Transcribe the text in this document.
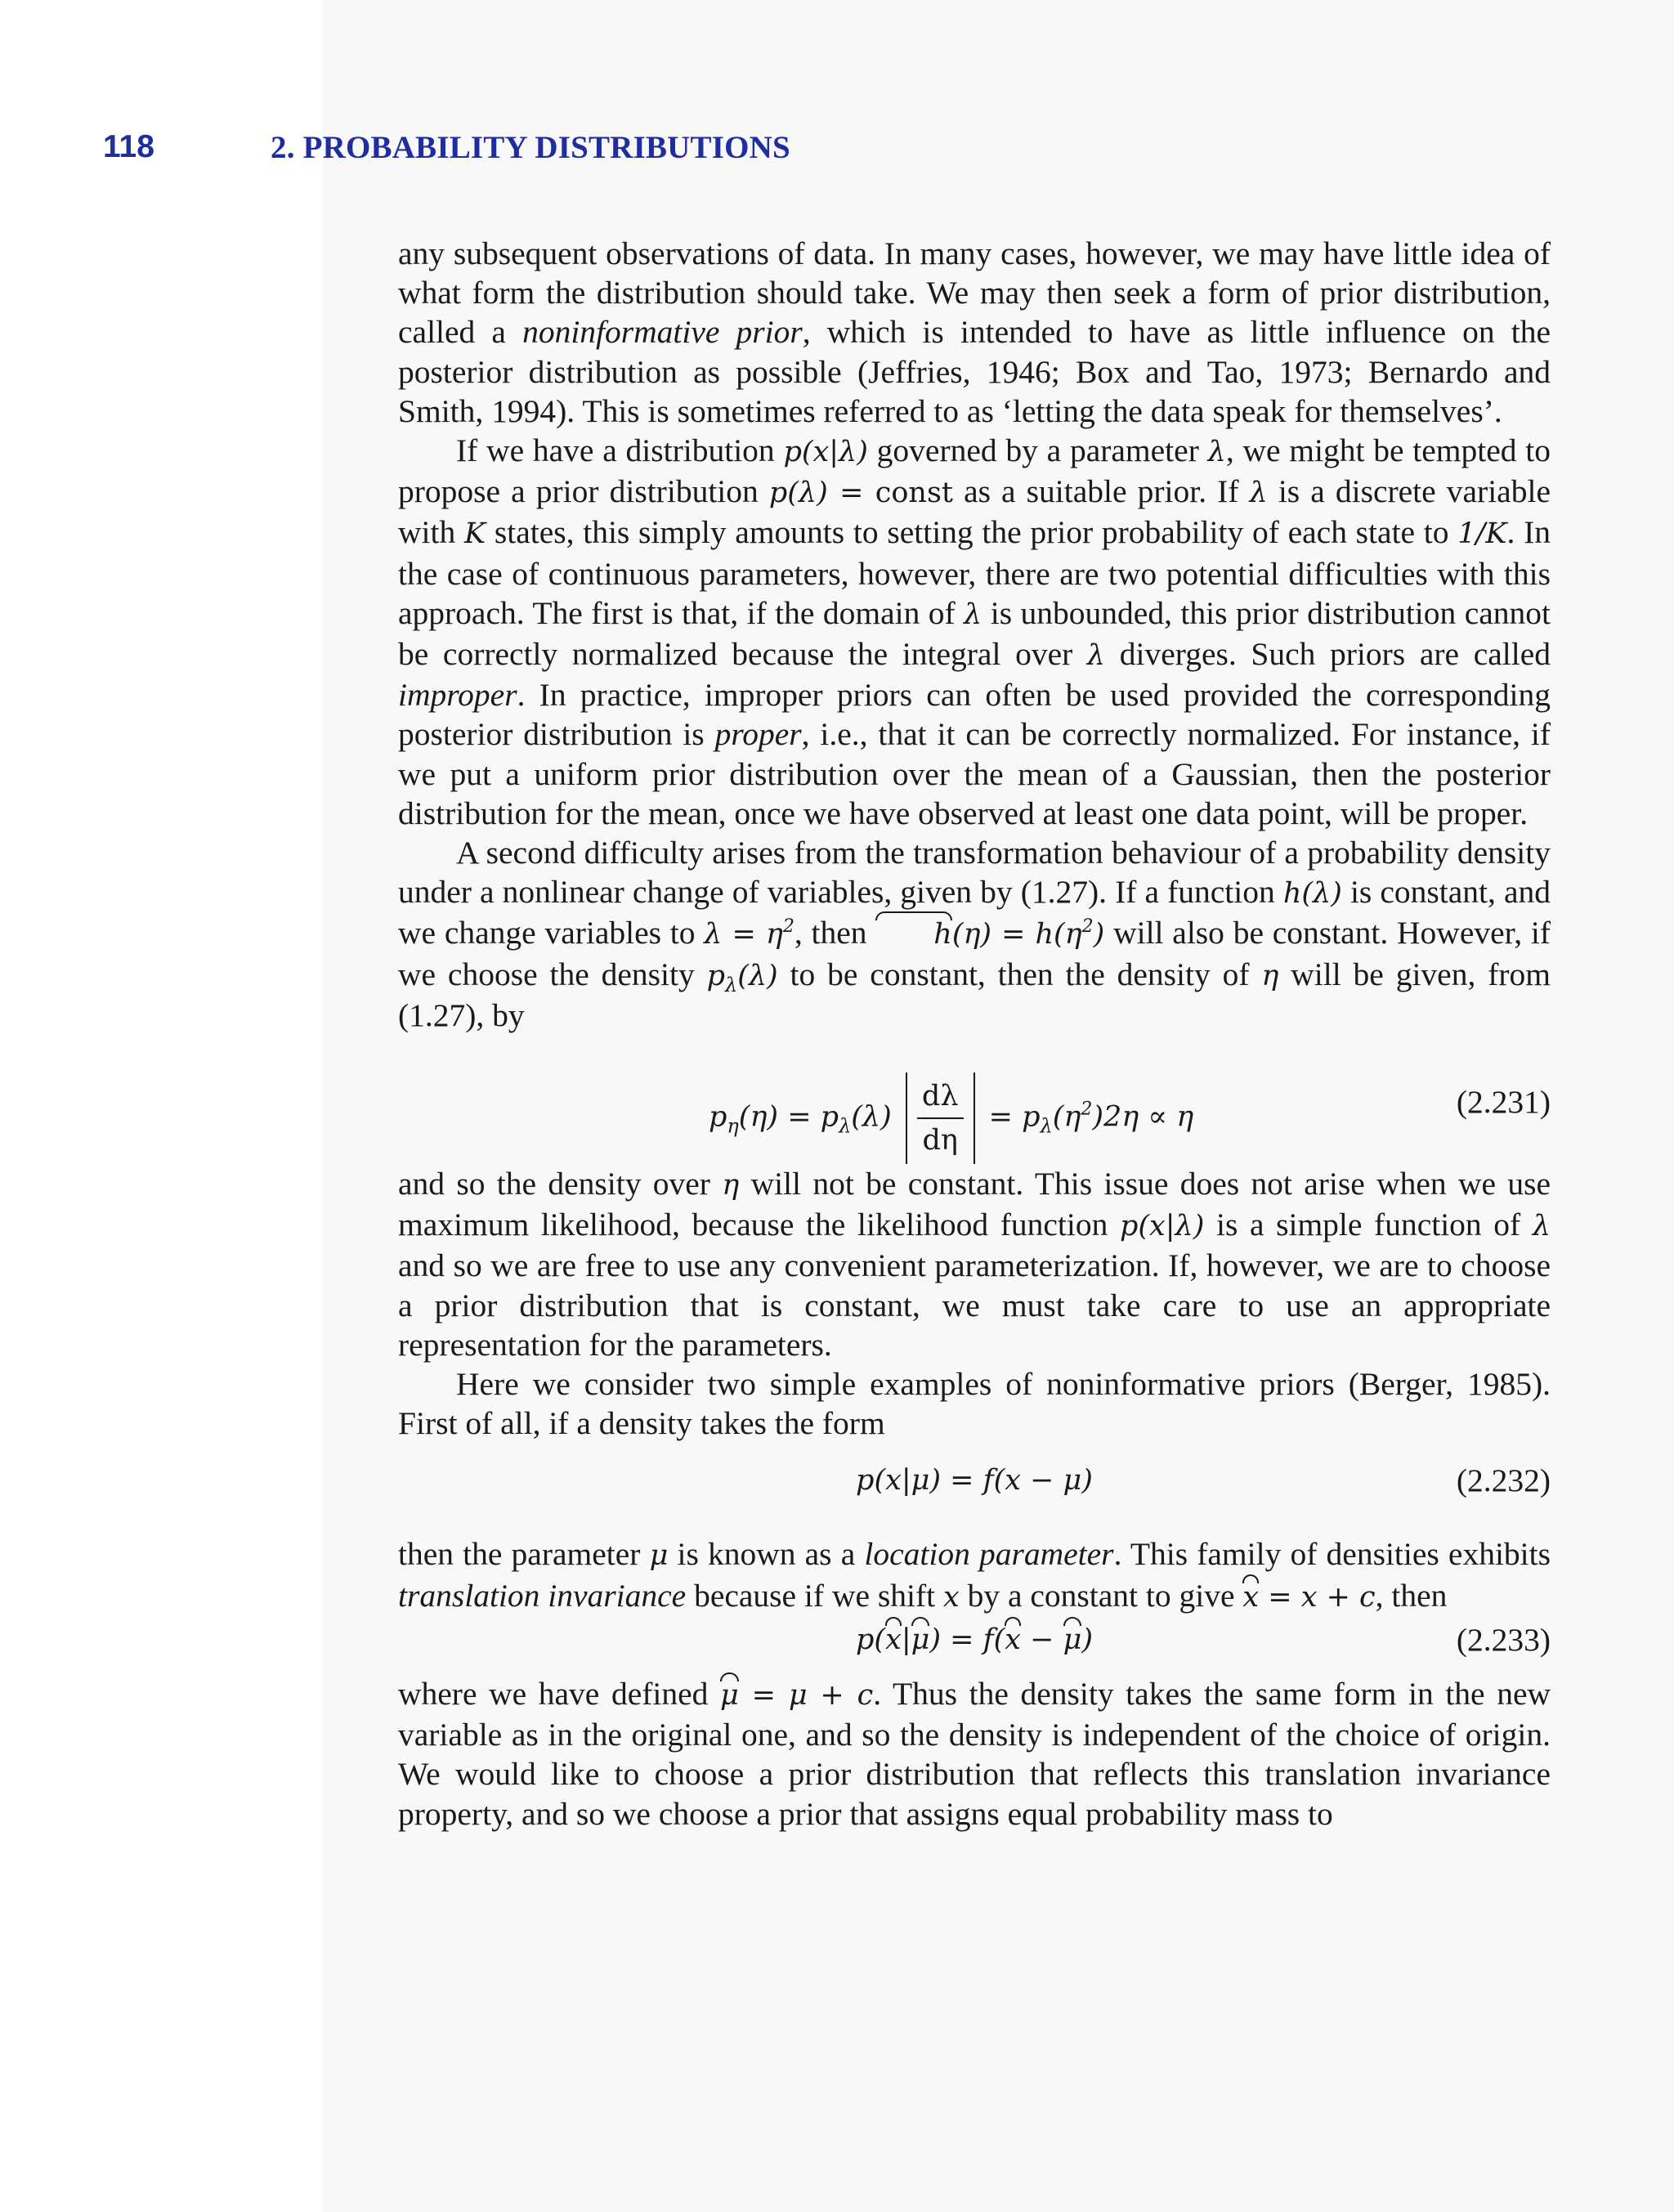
118	2. PROBABILITY DISTRIBUTIONS

any subsequent observations of data. In many cases, however, we may have little idea of what form the distribution should take. We may then seek a form of prior distribution, called a noninformative prior, which is intended to have as little influence on the posterior distribution as possible (Jeffries, 1946; Box and Tao, 1973; Bernardo and Smith, 1994). This is sometimes referred to as ‘letting the data speak for themselves’.

If we have a distribution p(x|λ) governed by a parameter λ, we might be tempted to propose a prior distribution p(λ) = const as a suitable prior. If λ is a discrete variable with K states, this simply amounts to setting the prior probability of each state to 1/K. In the case of continuous parameters, however, there are two potential difficulties with this approach. The first is that, if the domain of λ is unbounded, this prior distribution cannot be correctly normalized because the integral over λ diverges. Such priors are called improper. In practice, improper priors can often be used provided the corresponding posterior distribution is proper, i.e., that it can be correctly normalized. For instance, if we put a uniform prior distribution over the mean of a Gaussian, then the posterior distribution for the mean, once we have observed at least one data point, will be proper.

A second difficulty arises from the transformation behaviour of a probability density under a nonlinear change of variables, given by (1.27). If a function h(λ) is constant, and we change variables to $\lambda = \eta^2$, then $h(\eta) = h(\eta^2)$ will also be constant. However, if we choose the density $p_\lambda(\lambda)$ to be constant, then the density of η will be given, from (1.27), by

$p_\eta(\eta) = p_\lambda(\lambda) \frac{d\lambda}{d\eta} = p_\lambda(\eta^2)2\eta \propto \eta$	(2.231)

and so the density over η will not be constant. This issue does not arise when we use maximum likelihood, because the likelihood function p(x|λ) is a simple function of λ and so we are free to use any convenient parameterization. If, however, we are to choose a prior distribution that is constant, we must take care to use an appropriate representation for the parameters.

Here we consider two simple examples of noninformative priors (Berger, 1985). First of all, if a density takes the form

p(x|μ) = f(x − μ)	(2.232)

then the parameter μ is known as a location parameter. This family of densities exhibits translation invariance because if we shift x by a constant to give x = x + c, then

p(x|μ) = f(x − μ)	(2.233)

where we have defined μ = μ + c. Thus the density takes the same form in the new variable as in the original one, and so the density is independent of the choice of origin. We would like to choose a prior distribution that reflects this translation invariance property, and so we choose a prior that assigns equal probability mass to
